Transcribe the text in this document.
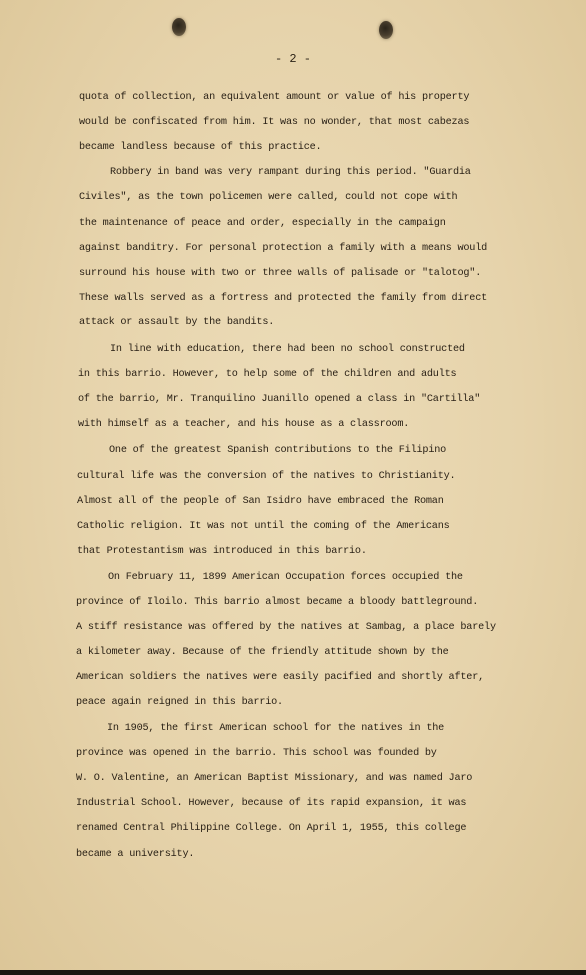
- 2 -
quota of collection, an equivalent amount or value of his property
would be confiscated from him. It was no wonder, that most cabezas
became landless because of this practice.
Robbery in band was very rampant during this period. "Guardia
Civiles", as the town policemen were called, could not cope with
the maintenance of peace and order, especially in the campaign
against banditry. For personal protection a family with a means would
surround his house with two or three walls of palisade or "talotog".
These walls served as a fortress and protected the family from direct
attack or assault by the bandits.
In line with education, there had been no school constructed
in this barrio. However, to help some of the children and adults
of the barrio, Mr. Tranquilino Juanillo opened a class in "Cartilla"
with himself as a teacher, and his house as a classroom.
One of the greatest Spanish contributions to the Filipino
cultural life was the conversion of the natives to Christianity.
Almost all of the people of San Isidro have embraced the Roman
Catholic religion. It was not until the coming of the Americans
that Protestantism was introduced in this barrio.
On February 11, 1899 American Occupation forces occupied the
province of Iloilo. This barrio almost became a bloody battleground.
A stiff resistance was offered by the natives at Sambag, a place barely
a kilometer away. Because of the friendly attitude shown by the
American soldiers the natives were easily pacified and shortly after,
peace again reigned in this barrio.
In 1905, the first American school for the natives in the
province was opened in the barrio. This school was founded by
W. O. Valentine, an American Baptist Missionary, and was named Jaro
Industrial School. However, because of its rapid expansion, it was
renamed Central Philippine College. On April 1, 1955, this college
became a university.
